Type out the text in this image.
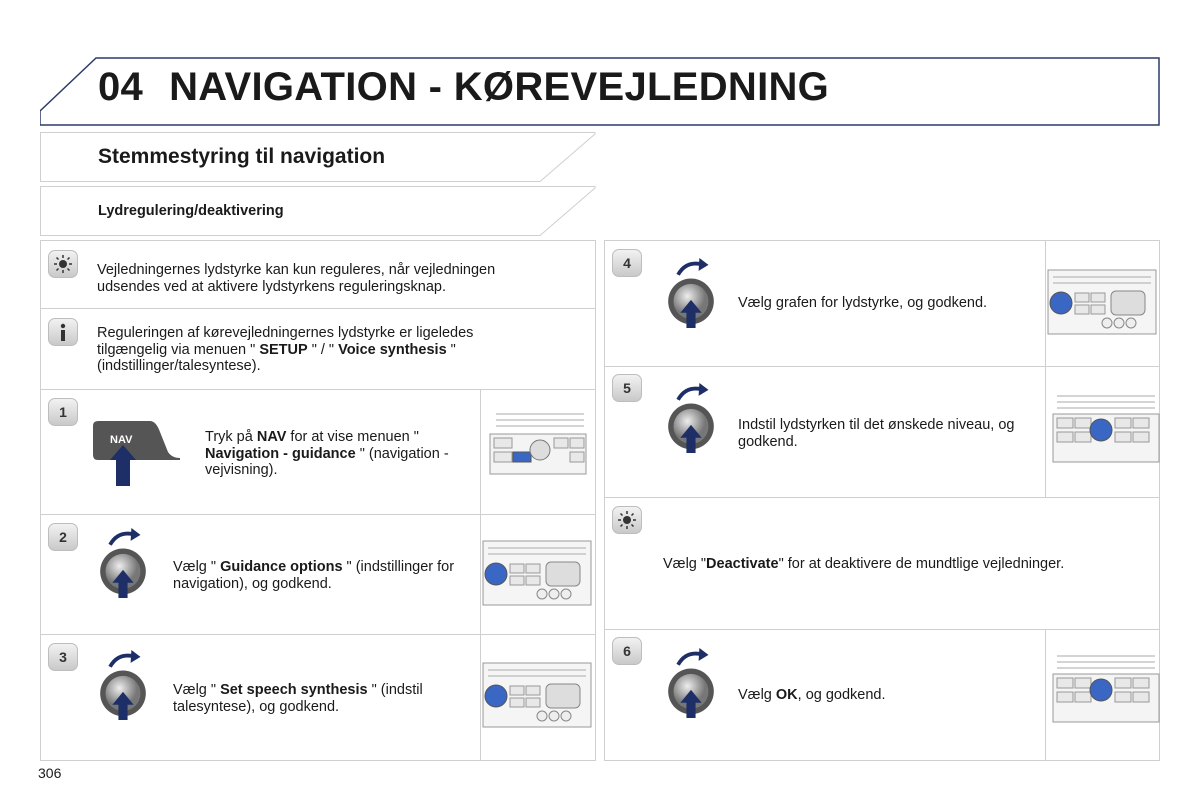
04 NAVIGATION - KØREVEJLEDNING
Stemmestyring til navigation
Lydregulering/deaktivering
Vejledningernes lydstyrke kan kun reguleres, når vejledningen udsendes ved at aktivere lydstyrkens reguleringsknap.
Reguleringen af kørevejledningernes lydstyrke er ligeledes tilgængelig via menuen " SETUP " / " Voice synthesis " (indstillinger/talesyntese).
1
NAV	Tryk på NAV for at vise menuen " Navigation - guidance " (navigation -vejvisning).
2
Vælg " Guidance options " (indstillinger for navigation), og godkend.
3
Vælg " Set speech synthesis " (indstil talesyntese), og godkend.
4
Vælg grafen for lydstyrke, og godkend.
5
Indstil lydstyrken til det ønskede niveau, og godkend.
Vælg "Deactivate" for at deaktivere de mundtlige vejledninger.
6
Vælg OK, og godkend.
306
